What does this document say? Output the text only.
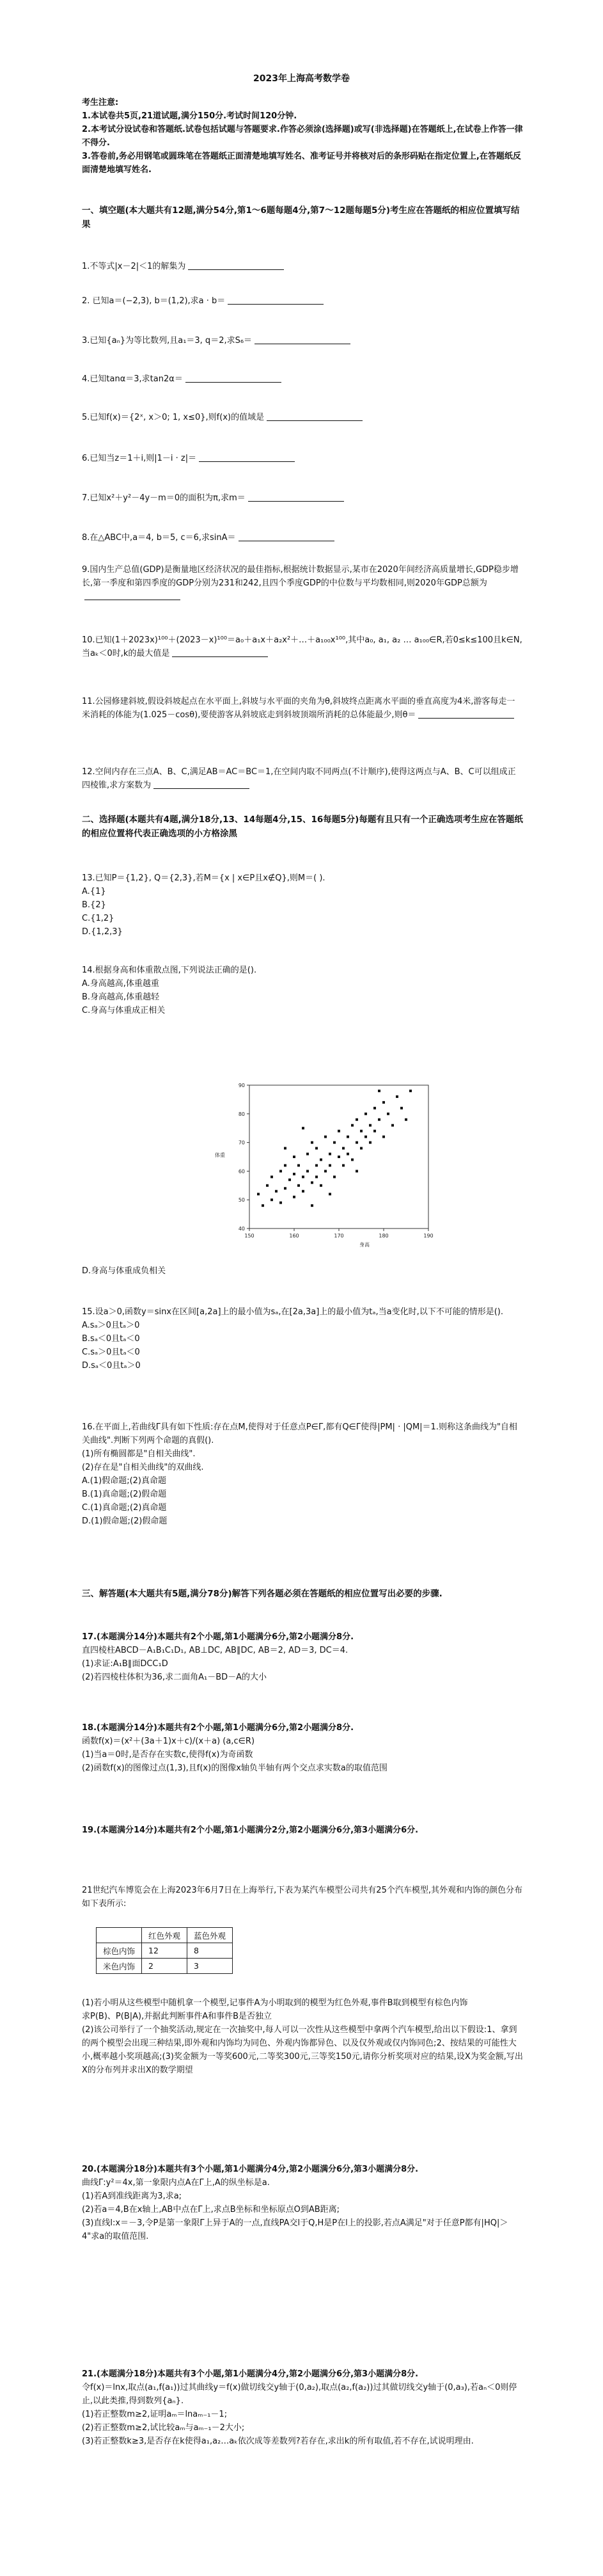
2023年上海高考数学卷

考生注意:

1.本试卷共5页,21道试题,满分150分.考试时间120分钟.

2.本考试分设试卷和答题纸.试卷包括试题与答题要求.作答必须涂(选择题)或写(非选择题)在答题纸上,在试卷上作答一律不得分.

3.答卷前,务必用钢笔或圆珠笔在答题纸正面清楚地填写姓名、准考证号并将核对后的条形码贴在指定位置上,在答题纸反面清楚地填写姓名.

一、填空题(本大题共有12题,满分54分,第1～6题每题4分,第7～12题每题5分)考生应在答题纸的相应位置填写结果

1.不等式|x－2|＜1的解集为
2. 已知a＝(−2,3), b＝(1,2),求a · b＝
3.已知{aₙ}为等比数列,且a₁＝3, q＝2,求S₆＝
4.已知tanα＝3,求tan2α＝
5.已知f(x)＝{2ˣ, x＞0; 1, x≤0},则f(x)的值域是
6.已知当z＝1＋i,则|1－i · z|＝
7.已知x²＋y²－4y－m＝0的面积为π,求m＝
8.在△ABC中,a＝4, b＝5, c＝6,求sinA＝
9.国内生产总值(GDP)是衡量地区经济状况的最佳指标,根据统计数据显示,某市在2020年间经济高质量增长,GDP稳步增长,第一季度和第四季度的GDP分别为231和242,且四个季度GDP的中位数与平均数相同,则2020年GDP总额为
10.已知(1＋2023x)¹⁰⁰＋(2023－x)¹⁰⁰＝a₀＋a₁x＋a₂x²＋…＋a₁₀₀x¹⁰⁰,其中a₀, a₁, a₂ … a₁₀₀∈R,若0≤k≤100且k∈N,当aₖ＜0时,k的最大值是
11.公园修建斜坡,假设斜坡起点在水平面上,斜坡与水平面的夹角为θ,斜坡终点距离水平面的垂直高度为4米,游客每走一米消耗的体能为(1.025－cosθ),要使游客从斜坡底走到斜坡顶端所消耗的总体能最少,则θ＝
12.空间内存在三点A、B、C,满足AB＝AC＝BC＝1,在空间内取不同两点(不计顺序),使得这两点与A、B、C可以组成正四棱锥,求方案数为

二、选择题(本题共有4题,满分18分,13、14每题4分,15、16每题5分)每题有且只有一个正确选项考生应在答题纸的相应位置将代表正确选项的小方格涂黑

13.已知P＝{1,2}, Q＝{2,3},若M＝{x | x∈P且x∉Q},则M＝( ).

A.{1}

B.{2}

C.{1,2}

D.{1,2,3}

14.根据身高和体重散点图,下列说法正确的是().

A.身高越高,体重越重

B.身高越高,体重越轻

C.身高与体重成正相关

150	160	170	180	190
90
80
70
60
50
40
体重
身高

D.身高与体重成负相关

15.设a＞0,函数y＝sinx在区间[a,2a]上的最小值为sₐ,在[2a,3a]上的最小值为tₐ,当a变化时,以下不可能的情形是().

A.sₐ＞0且tₐ＞0

B.sₐ＜0且tₐ＜0

C.sₐ＞0且tₐ＜0

D.sₐ＜0且tₐ＞0

16.在平面上,若曲线Γ具有如下性质:存在点M,使得对于任意点P∈Γ,都有Q∈Γ使得|PM| · |QM|＝1.则称这条曲线为"自相关曲线".判断下列两个命题的真假().

(1)所有椭圆都是"自相关曲线".

(2)存在是"自相关曲线"的双曲线.

A.(1)假命题;(2)真命题

B.(1)真命题;(2)假命题

C.(1)真命题;(2)真命题

D.(1)假命题;(2)假命题

三、解答题(本大题共有5题,满分78分)解答下列各题必须在答题纸的相应位置写出必要的步骤.

17.(本题满分14分)本题共有2个小题,第1小题满分6分,第2小题满分8分.

直四棱柱ABCD－A₁B₁C₁D₁, AB⊥DC, AB∥DC, AB＝2, AD＝3, DC＝4.

(1)求证:A₁B∥面DCC₁D

(2)若四棱柱体积为36,求二面角A₁－BD－A的大小

18.(本题满分14分)本题共有2个小题,第1小题满分6分,第2小题满分8分.

函数f(x)＝(x²＋(3a＋1)x＋c)/(x＋a) (a,c∈R)

(1)当a＝0时,是否存在实数c,使得f(x)为奇函数

(2)函数f(x)的图像过点(1,3),且f(x)的图像x轴负半轴有两个交点求实数a的取值范围

19.(本题满分14分)本题共有2个小题,第1小题满分2分,第2小题满分6分,第3小题满分6分.

21世纪汽车博览会在上海2023年6月7日在上海举行,下表为某汽车模型公司共有25个汽车模型,其外观和内饰的颜色分布如下表所示:

	红色外观	蓝色外观
棕色内饰	12	8
米色内饰	2	3

(1)若小明从这些模型中随机拿一个模型,记事件A为小明取到的模型为红色外观,事件B取到模型有棕色内饰

求P(B)、P(B|A),并据此判断事件A和事件B是否独立

(2)该公司举行了一个抽奖活动,规定在一次抽奖中,每人可以一次性从这些模型中拿两个汽车模型,给出以下假设:1、拿到的两个模型会出现三种结果,即外观和内饰均为同色、外观内饰都异色、以及仅外观或仅内饰同色;2、按结果的可能性大小,概率越小奖项越高;(3)奖金额为一等奖600元,二等奖300元,三等奖150元,请你分析奖项对应的结果,设X为奖金额,写出X的分布列并求出X的数学期望

20.(本题满分18分)本题共有3个小题,第1小题满分4分,第2小题满分6分,第3小题满分8分.

曲线Γ:y²＝4x,第一象限内点A在Γ上,A的纵坐标是a.

(1)若A到准线距离为3,求a;

(2)若a＝4,B在x轴上,AB中点在Γ上,求点B坐标和坐标原点O到AB距离;

(3)直线l:x＝－3,令P是第一象限Γ上异于A的一点,直线PA交l于Q,H是P在l上的投影,若点A满足"对于任意P都有|HQ|＞4"求a的取值范围.

21.(本题满分18分)本题共有3个小题,第1小题满分4分,第2小题满分6分,第3小题满分8分.

令f(x)＝lnx,取点(a₁,f(a₁))过其曲线y＝f(x)做切线交y轴于(0,a₂),取点(a₂,f(a₂))过其做切线交y轴于(0,a₃),若aₙ＜0则停止,以此类推,得到数列{aₙ}.

(1)若正整数m≥2,证明aₘ＝lnaₘ₋₁－1;

(2)若正整数m≥2,试比较aₘ与aₘ₋₁－2大小;

(3)若正整数k≥3,是否存在k使得a₁,a₂…aₖ依次成等差数列?若存在,求出k的所有取值,若不存在,试说明理由.
